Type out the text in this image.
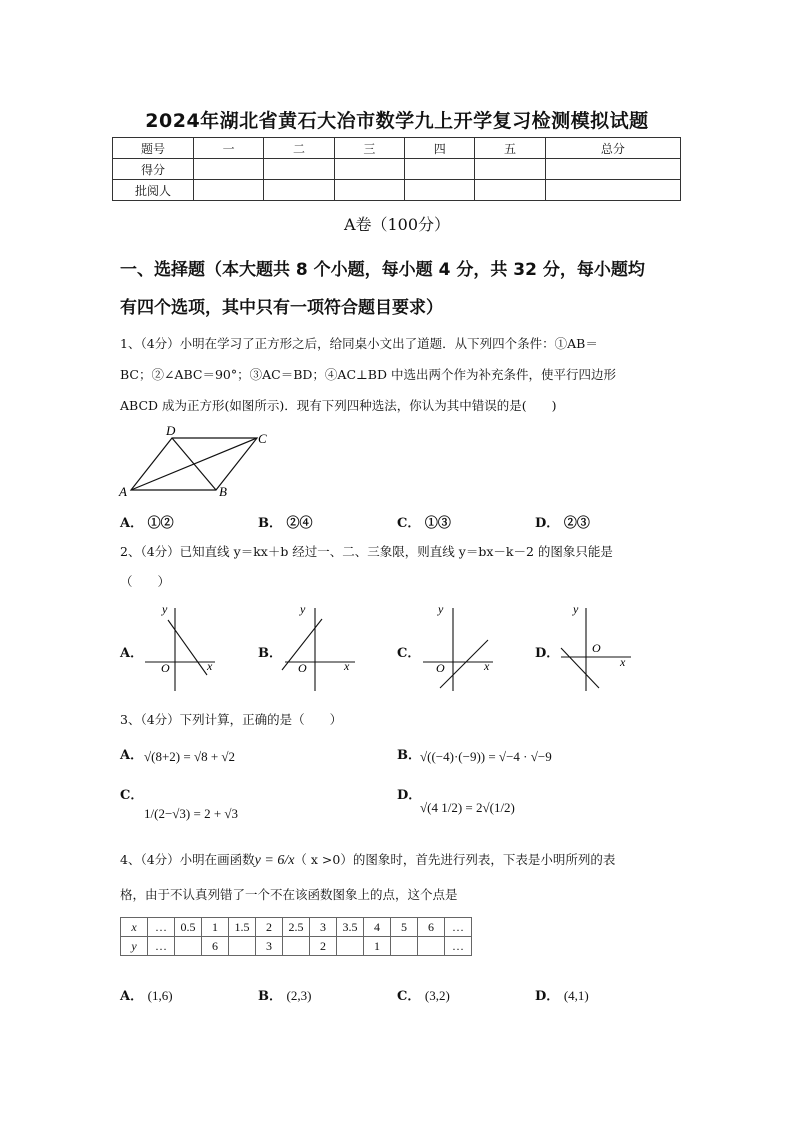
2024年湖北省黄石大冶市数学九上开学复习检测模拟试题
题号	一	二	三	四	五	总分
得分						
批阅人						
A卷（100分）
一、选择题（本大题共 8 个小题，每小题 4 分，共 32 分，每小题均
有四个选项，其中只有一项符合题目要求）
1、（4分）小明在学习了正方形之后，给同桌小文出了道题．从下列四个条件：①AB＝
BC；②∠ABC＝90°；③AC＝BD；④AC⊥BD 中选出两个作为补充条件，使平行四边形
ABCD 成为正方形(如图所示)．现有下列四种选法，你认为其中错误的是(　　)
D
C
A	B
A． ①②	B． ②④	C． ①③	D． ②③
2、（4分）已知直线 y＝kx＋b 经过一、二、三象限，则直线 y＝bx－k－2 的图象只能是
（　　）
A．
y
x
O
B．
y
x
O
C．
y
x
O
D．
y
x
O
3、（4分）下列计算，正确的是（　　）
A． √(8+2) = √8 + √2	B． √((−4)·(−9)) = √−4 · √−9
C．
1/(2−√3) = 2 + √3
D．
√(4 1/2) = 2√(1/2)
4、（4分）小明在画函数y = 6/x（ x >0）的图象时，首先进行列表，下表是小明所列的表
格，由于不认真列错了一个不在该函数图象上的点，这个点是
x	…	0.5	1	1.5	2	2.5	3	3.5	4	5	6	…
y	…		6		3		2		1			…
A． (1,6)	B． (2,3)	C． (3,2)	D． (4,1)
